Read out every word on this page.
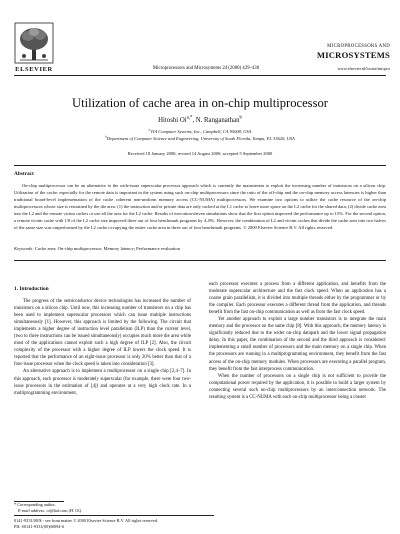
ELSEVIER	Microprocessors and Microsystems 24 (2000) 429–438
MICROPROCESSORS AND
MICROSYSTEMS
www.elsevier.nl/locate/micpro
Utilization of cache area in on-chip multiprocessor
Hitoshi $Oi^{a,*}$, N. Ranganathan$^b$
$^a$VIA Computer Systems, Inc., Campbell, CA 95008, USA
$^b$Department of Computer Science and Engineering, University of South Florida, Tampa, FL 33620, USA
Received 18 January 2000; revised 14 August 2000; accepted 5 September 2000
Abstract
On-chip multiprocessor can be an alternative to the wide-issue superscalar processor approach which is currently the mainstream to exploit the increasing number of transistors on a silicon chip. Utilization of the cache, especially for the remote data is important in the system using such on-chip multiprocessors since the ratio of the off-chip and the on-chip memory access latencies is higher than traditional board-level implementation of the cache coherent non-uniform memory access (CC-NUMA) multiprocessors. We examine two options to utilize the cache resource of the on-chip multiprocessors whose size is restrained by the die area: (1) the instruction and/or private data are only cached at the L1 cache to leave more space on the L2 cache for the shared data; (2) divide cache area into the L2 and the remote victim caches or use all the area for the L2 cache. Results of execution-driven simulations show that the first option improved the performance up to 15%. For the second option, a remote victim cache with 1/8 of the L2 cache size improved three out of four benchmark programs by 4–8%. However, the combination of L2 and victim caches that divide the cache area into two halves of the same size was outperformed by the L2 cache occupying the entire cache area in three out of four benchmark programs. © 2000 Elsevier Science B.V. All rights reserved.
Keywords: Cache area; On-chip multiprocessor; Memory latency; Performance evaluation
1. Introduction

The progress of the semiconductor device technologies has increased the number of transistors on a silicon chip. Until now, this increasing number of transistors on a chip has been used to implement superscalar processors which can issue multiple instructions simultaneously [1]. However, this approach is limited by the following. The circuit that implements a higher degree of instruction level parallelism (ILP) than the current level, (two to three instructions can be issued simultaneously) occupies much more die area while most of the applications cannot exploit such a high degree of ILP [2]. Also, the circuit complexity of the processor with a higher degree of ILP lowers the clock speed. It is reported that the performance of an eight-issue processor is only 20% better than that of a four-issue processor when the clock speed is taken into consideration [3].

An alternative approach is to implement a multiprocessor on a single chip [2,4–7]. In this approach, each processor is moderately superscalar (for example, there were four two-issue processors in the estimation of [4]) and operates at a very high clock rate. In a multiprogramming environment,

each processor executes a process from a different application, and benefits from the moderate superscalar architecture and the fast clock speed. When an application has a coarse grain parallelism, it is divided into multiple threads either by the programmer or by the compiler. Each processor executes a different thread from the application, and threads benefit from the fast on-chip communication as well as from the fast clock speed.

Yet another approach to exploit a large number transistors is to integrate the main memory and the processor on the same chip [8]. With this approach, the memory latency is significantly reduced due to the wider on-chip datapath and the lower signal propagation delay. In this paper, the combination of the second and the third approach is considered: implementing a small number of processors and the main memory on a single chip. When the processors are running in a multiprogramming environment, they benefit from the fast access of the on-chip memory modules. When processors are executing a parallel program, they benefit from the fast interprocess communication.

When the number of processors on a single chip is not sufficient to provide the computational power required by the application, it is possible to build a larger system by connecting several such on-chip multiprocessors by an interconnection network. The resulting system is a CC-NUMA with each on-chip multiprocessor being a cluster

* Corresponding author.
E-mail address: oi@hal.com (H. Oi).
0141-9331/00/$ - see front matter © 2000 Elsevier Science B.V. All rights reserved.
PII: S0141-9331(00)00094-6
